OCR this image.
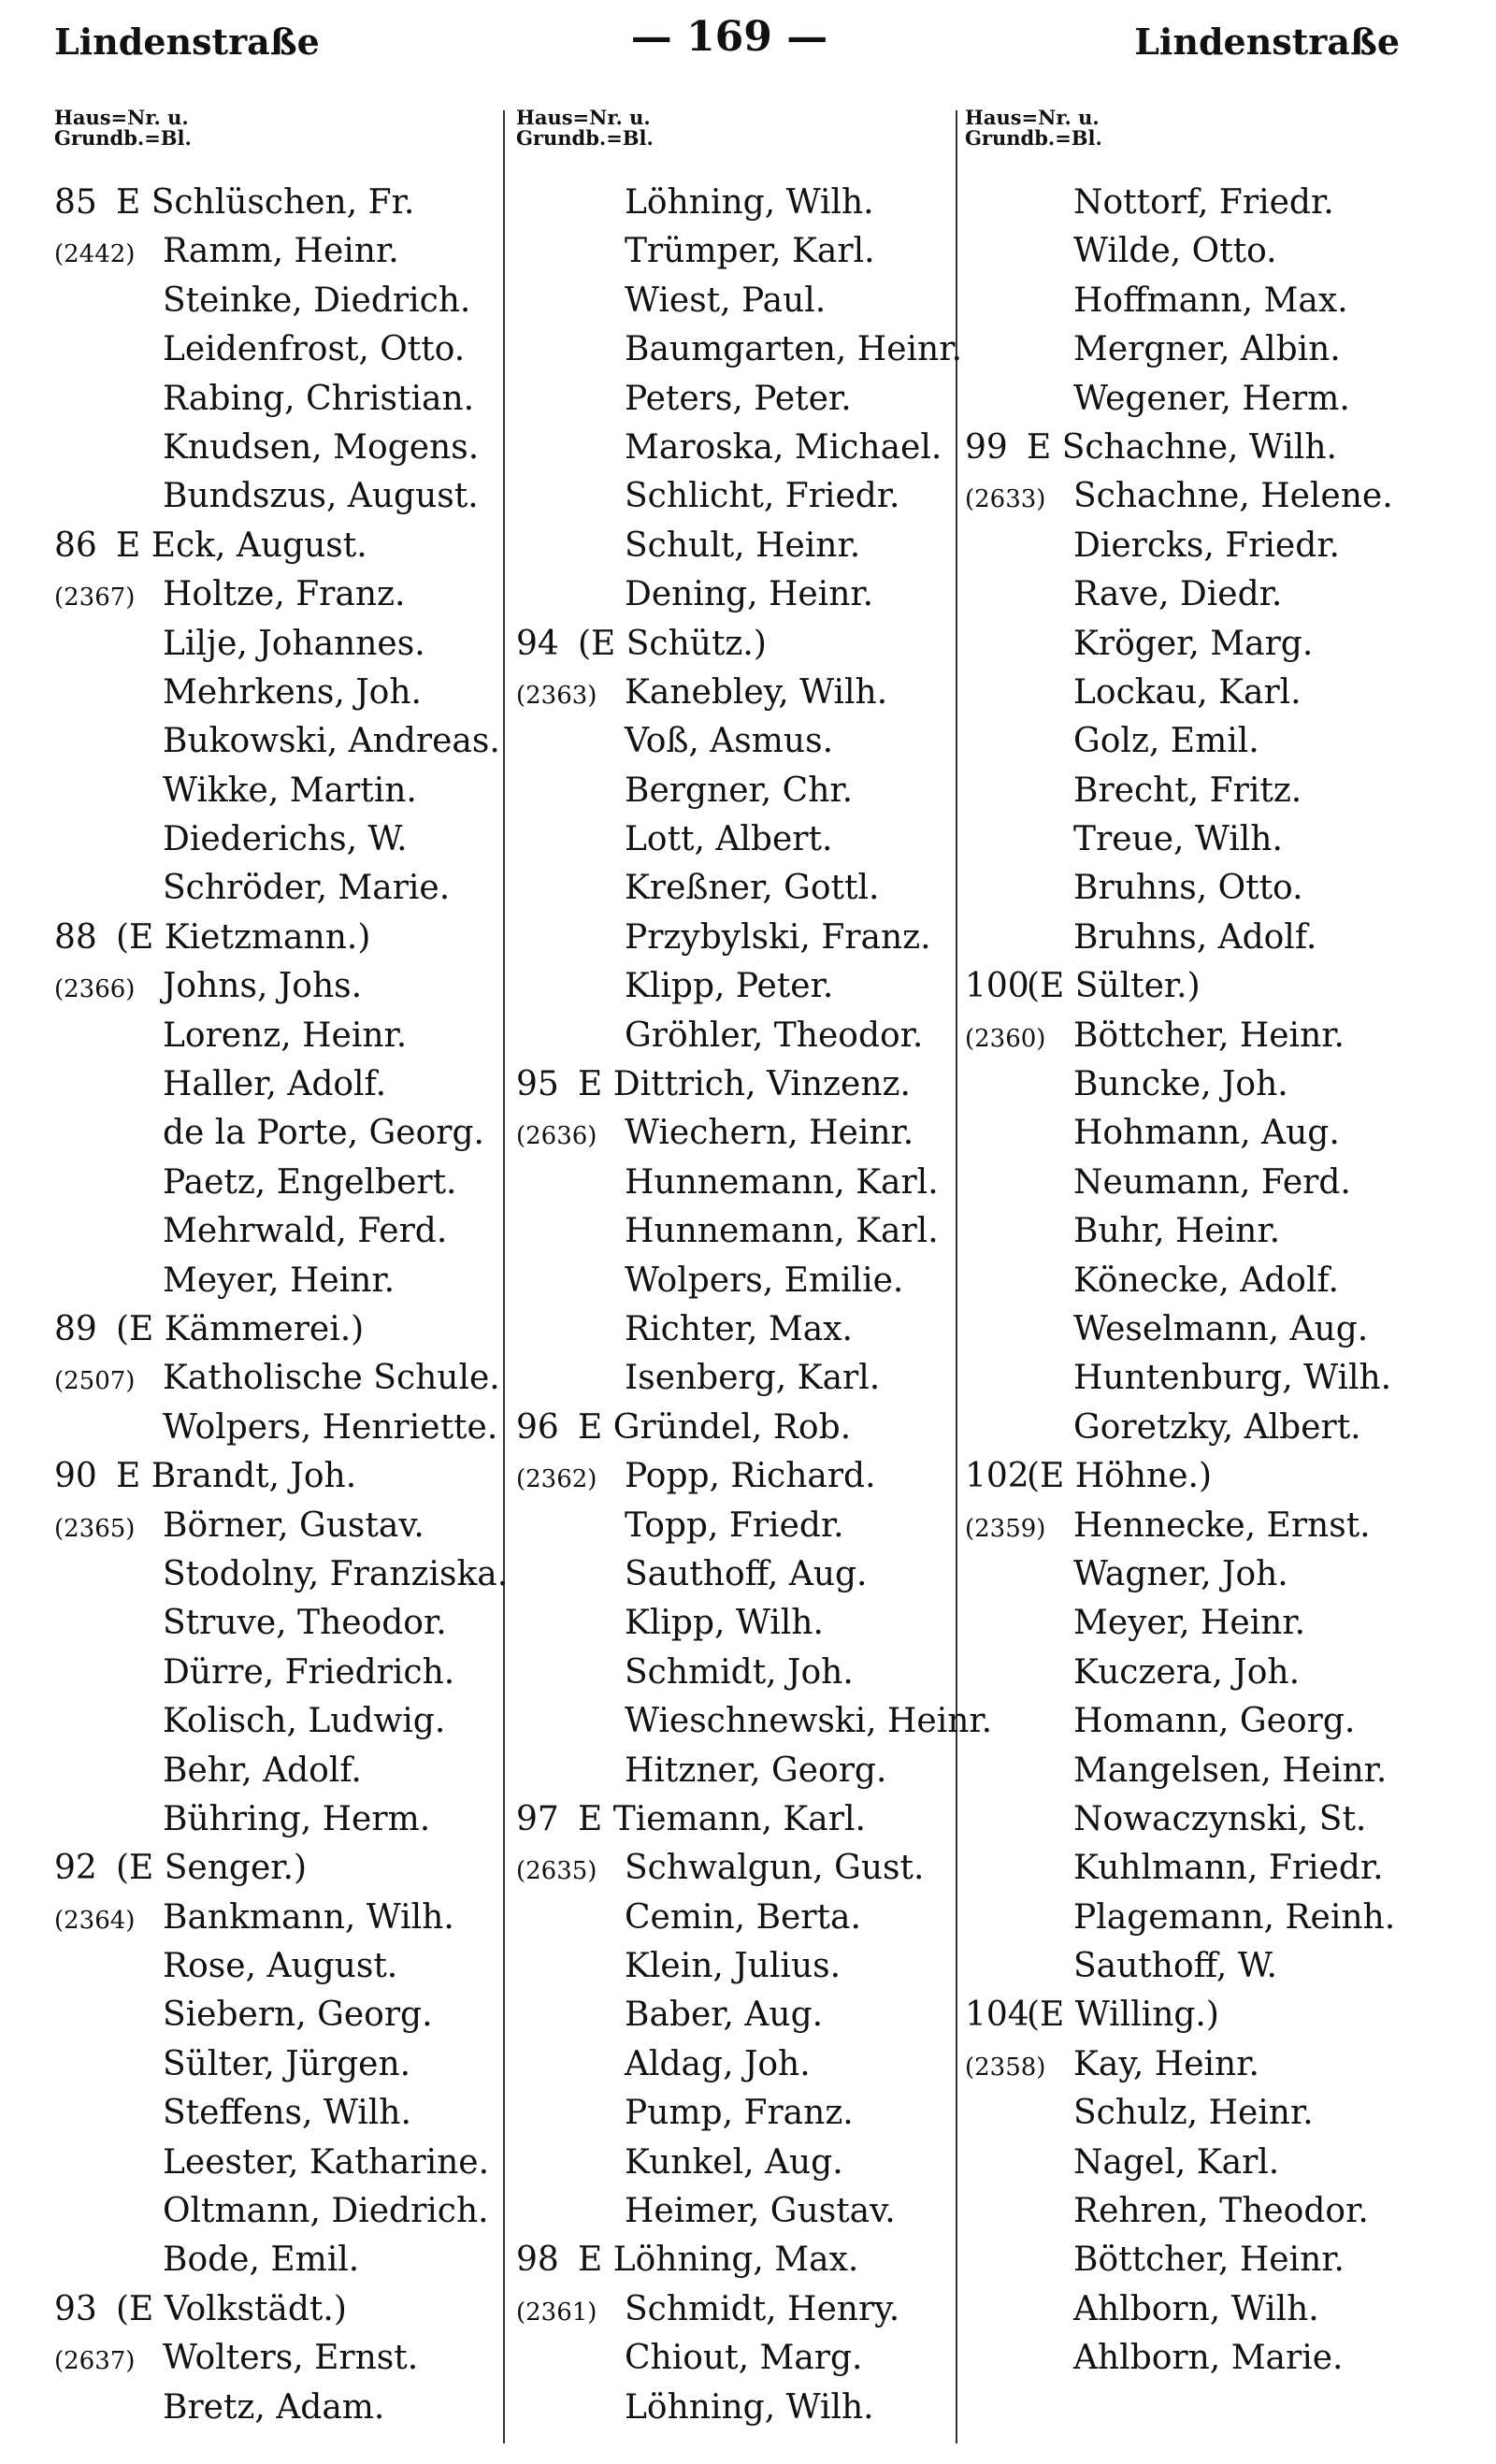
Lindenstraße	— 169 —	Lindenstraße
Haus=Nr. u.
Grundb.=Bl.
85 E Schlüschen, Fr.
(2442) Ramm, Heinr.
Steinke, Diedrich.
Leidenfrost, Otto.
Rabing, Christian.
Knudsen, Mogens.
Bundszus, August.
86 E Eck, August.
(2367) Holtze, Franz.
Lilje, Johannes.
Mehrkens, Joh.
Bukowski, Andreas.
Wikke, Martin.
Diederichs, W.
Schröder, Marie.
88 (E Kietzmann.)
(2366) Johns, Johs.
Lorenz, Heinr.
Haller, Adolf.
de la Porte, Georg.
Paetz, Engelbert.
Mehrwald, Ferd.
Meyer, Heinr.
89 (E Kämmerei.)
(2507) Katholische Schule.
Wolpers, Henriette.
90 E Brandt, Joh.
(2365) Börner, Gustav.
Stodolny, Franziska.
Struve, Theodor.
Dürre, Friedrich.
Kolisch, Ludwig.
Behr, Adolf.
Bühring, Herm.
92 (E Senger.)
(2364) Bankmann, Wilh.
Rose, August.
Siebern, Georg.
Sülter, Jürgen.
Steffens, Wilh.
Leester, Katharine.
Oltmann, Diedrich.
Bode, Emil.
93 (E Volkstädt.)
(2637) Wolters, Ernst.
Bretz, Adam.
Haus=Nr. u.
Grundb.=Bl.
Löhning, Wilh.
Trümper, Karl.
Wiest, Paul.
Baumgarten, Heinr.
Peters, Peter.
Maroska, Michael.
Schlicht, Friedr.
Schult, Heinr.
Dening, Heinr.
94 (E Schütz.)
(2363) Kanebley, Wilh.
Voß, Asmus.
Bergner, Chr.
Lott, Albert.
Kreßner, Gottl.
Przybylski, Franz.
Klipp, Peter.
Gröhler, Theodor.
95 E Dittrich, Vinzenz.
(2636) Wiechern, Heinr.
Hunnemann, Karl.
Hunnemann, Karl.
Wolpers, Emilie.
Richter, Max.
Isenberg, Karl.
96 E Gründel, Rob.
(2362) Popp, Richard.
Topp, Friedr.
Sauthoff, Aug.
Klipp, Wilh.
Schmidt, Joh.
Wieschnewski, Heinr.
Hitzner, Georg.
97 E Tiemann, Karl.
(2635) Schwalgun, Gust.
Cemin, Berta.
Klein, Julius.
Baber, Aug.
Aldag, Joh.
Pump, Franz.
Kunkel, Aug.
Heimer, Gustav.
98 E Löhning, Max.
(2361) Schmidt, Henry.
Chiout, Marg.
Löhning, Wilh.
Haus=Nr. u.
Grundb.=Bl.
Nottorf, Friedr.
Wilde, Otto.
Hoffmann, Max.
Mergner, Albin.
Wegener, Herm.
99 E Schachne, Wilh.
(2633) Schachne, Helene.
Diercks, Friedr.
Rave, Diedr.
Kröger, Marg.
Lockau, Karl.
Golz, Emil.
Brecht, Fritz.
Treue, Wilh.
Bruhns, Otto.
Bruhns, Adolf.
100(E Sülter.)
(2360) Böttcher, Heinr.
Buncke, Joh.
Hohmann, Aug.
Neumann, Ferd.
Buhr, Heinr.
Könecke, Adolf.
Weselmann, Aug.
Huntenburg, Wilh.
Goretzky, Albert.
102(E Höhne.)
(2359) Hennecke, Ernst.
Wagner, Joh.
Meyer, Heinr.
Kuczera, Joh.
Homann, Georg.
Mangelsen, Heinr.
Nowaczynski, St.
Kuhlmann, Friedr.
Plagemann, Reinh.
Sauthoff, W.
104(E Willing.)
(2358) Kay, Heinr.
Schulz, Heinr.
Nagel, Karl.
Rehren, Theodor.
Böttcher, Heinr.
Ahlborn, Wilh.
Ahlborn, Marie.
